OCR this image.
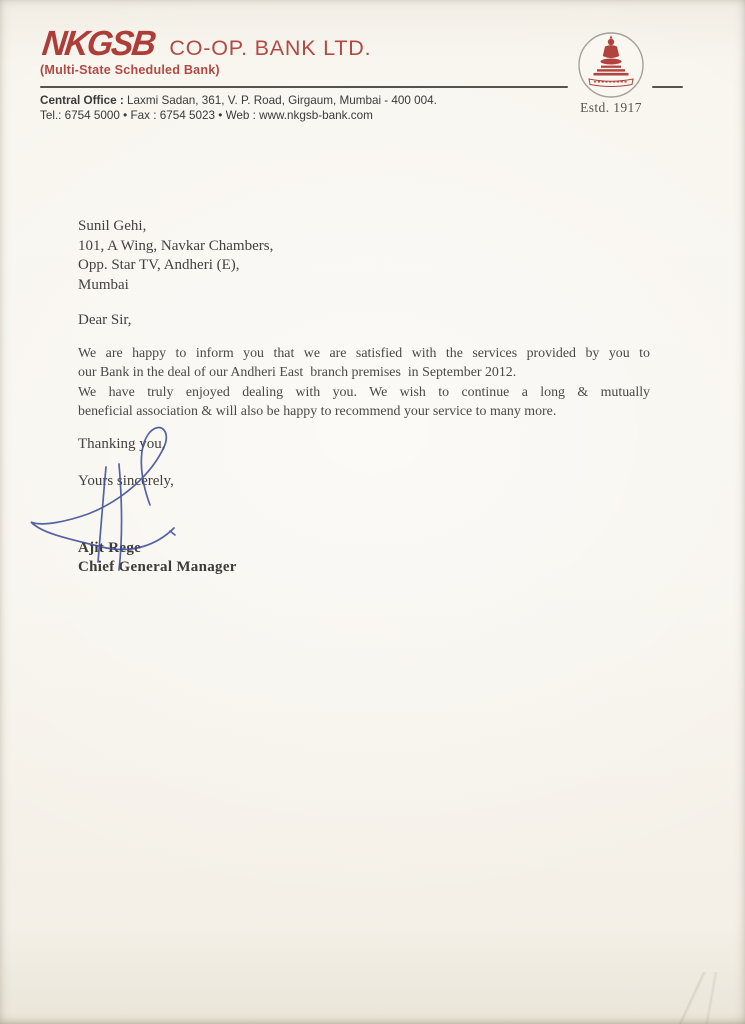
NKGSB CO-OP. BANK LTD.
(Multi-State Scheduled Bank)
Central Office : Laxmi Sadan, 361, V. P. Road, Girgaum, Mumbai - 400 004.
Tel.: 6754 5000 • Fax : 6754 5023 • Web : www.nkgsb-bank.com
Estd. 1917
Sunil Gehi,
101, A Wing, Navkar Chambers,
Opp. Star TV, Andheri (E),
Mumbai
Dear Sir,
We are happy to inform you that we are satisfied with the services provided by you to
our Bank in the deal of our Andheri East  branch premises  in September 2012.
We have truly enjoyed dealing with you. We wish to continue a long & mutually
beneficial association & will also be happy to recommend your service to many more.
Thanking you,
Yours sincerely,
Ajit Rege
Chief General Manager
